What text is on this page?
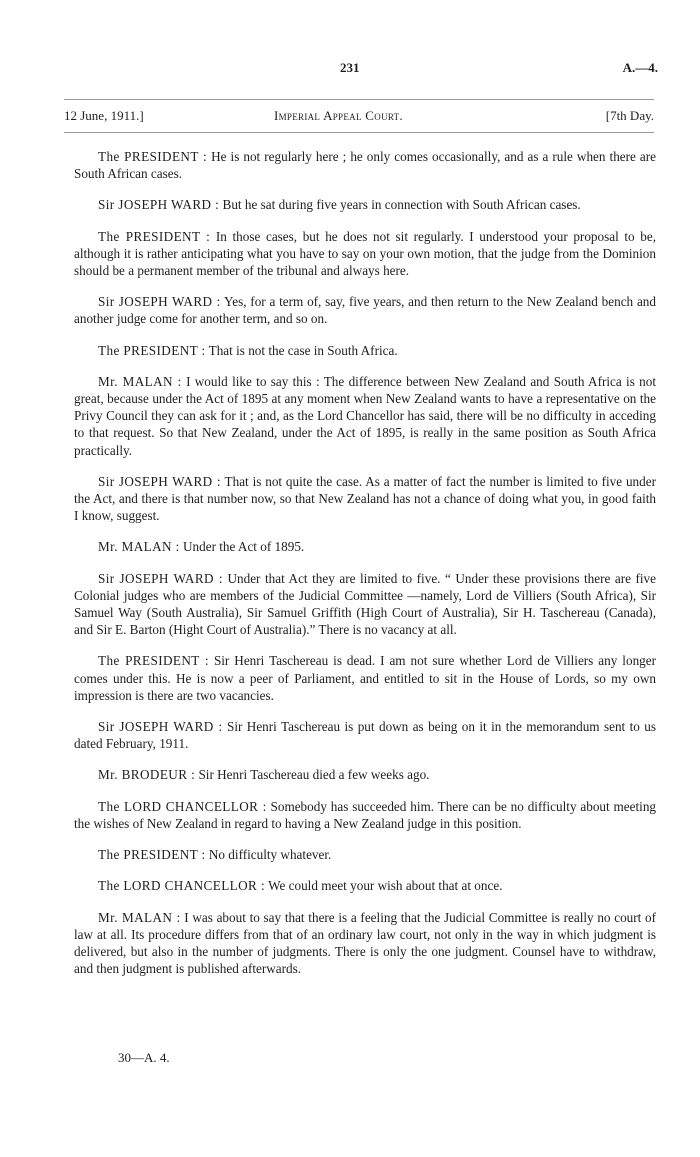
231	A.—4.
12 June, 1911.]	Imperial Appeal Court.	[7th Day.

The PRESIDENT : He is not regularly here ; he only comes occasionally, and as a rule when there are South African cases.

Sir JOSEPH WARD : But he sat during five years in connection with South African cases.

The PRESIDENT : In those cases, but he does not sit regularly. I understood your proposal to be, although it is rather anticipating what you have to say on your own motion, that the judge from the Dominion should be a permanent member of the tribunal and always here.

Sir JOSEPH WARD : Yes, for a term of, say, five years, and then return to the New Zealand bench and another judge come for another term, and so on.

The PRESIDENT : That is not the case in South Africa.

Mr. MALAN : I would like to say this : The difference between New Zealand and South Africa is not great, because under the Act of 1895 at any moment when New Zealand wants to have a representative on the Privy Council they can ask for it ; and, as the Lord Chancellor has said, there will be no difficulty in acceding to that request. So that New Zealand, under the Act of 1895, is really in the same position as South Africa practically.

Sir JOSEPH WARD : That is not quite the case. As a matter of fact the number is limited to five under the Act, and there is that number now, so that New Zealand has not a chance of doing what you, in good faith I know, suggest.

Mr. MALAN : Under the Act of 1895.

Sir JOSEPH WARD : Under that Act they are limited to five. “ Under these provisions there are five Colonial judges who are members of the Judicial Committee —namely, Lord de Villiers (South Africa), Sir Samuel Way (South Australia), Sir Samuel Griffith (High Court of Australia), Sir H. Taschereau (Canada), and Sir E. Barton (Hight Court of Australia).” There is no vacancy at all.

The PRESIDENT : Sir Henri Taschereau is dead. I am not sure whether Lord de Villiers any longer comes under this. He is now a peer of Parliament, and entitled to sit in the House of Lords, so my own impression is there are two vacancies.

Sir JOSEPH WARD : Sir Henri Taschereau is put down as being on it in the memorandum sent to us dated February, 1911.

Mr. BRODEUR : Sir Henri Taschereau died a few weeks ago.

The LORD CHANCELLOR : Somebody has succeeded him. There can be no difficulty about meeting the wishes of New Zealand in regard to having a New Zealand judge in this position.

The PRESIDENT : No difficulty whatever.

The LORD CHANCELLOR : We could meet your wish about that at once.

Mr. MALAN : I was about to say that there is a feeling that the Judicial Committee is really no court of law at all. Its procedure differs from that of an ordinary law court, not only in the way in which judgment is delivered, but also in the number of judgments. There is only the one judgment. Counsel have to withdraw, and then judgment is published afterwards.

30—A. 4.
